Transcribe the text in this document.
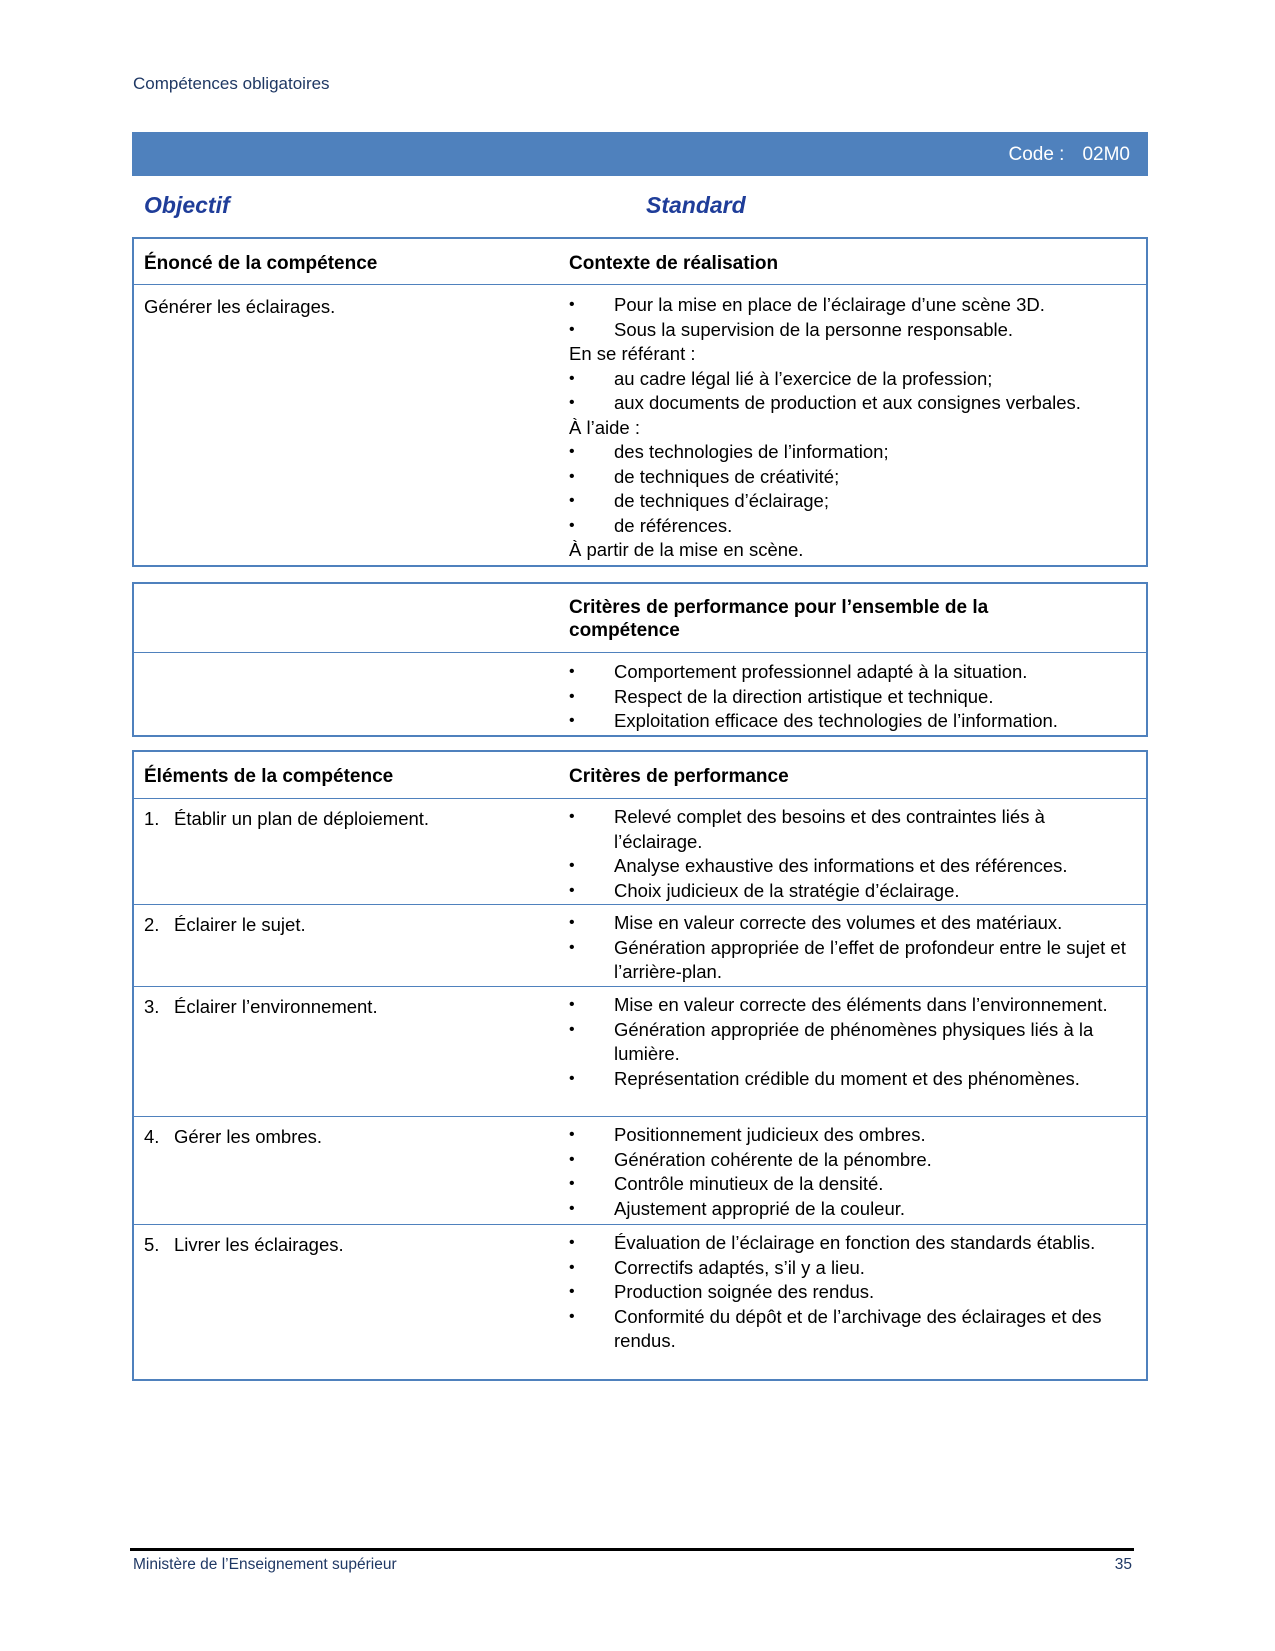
Compétences obligatoires
Code : 02M0
Objectif	Standard
Énoncé de la compétence	Contexte de réalisation
Générer les éclairages.	• Pour la mise en place de l’éclairage d’une scène 3D.
• Sous la supervision de la personne responsable.
En se référant :
• au cadre légal lié à l’exercice de la profession;
• aux documents de production et aux consignes verbales.
À l’aide :
• des technologies de l’information;
• de techniques de créativité;
• de techniques d’éclairage;
• de références.
À partir de la mise en scène.
Critères de performance pour l’ensemble de la compétence
• Comportement professionnel adapté à la situation.
• Respect de la direction artistique et technique.
• Exploitation efficace des technologies de l’information.
Éléments de la compétence	Critères de performance
1. Établir un plan de déploiement.	• Relevé complet des besoins et des contraintes liés à l’éclairage.
• Analyse exhaustive des informations et des références.
• Choix judicieux de la stratégie d’éclairage.
2. Éclairer le sujet.	• Mise en valeur correcte des volumes et des matériaux.
• Génération appropriée de l’effet de profondeur entre le sujet et l’arrière-plan.
3. Éclairer l’environnement.	• Mise en valeur correcte des éléments dans l’environnement.
• Génération appropriée de phénomènes physiques liés à la lumière.
• Représentation crédible du moment et des phénomènes.
4. Gérer les ombres.	• Positionnement judicieux des ombres.
• Génération cohérente de la pénombre.
• Contrôle minutieux de la densité.
• Ajustement approprié de la couleur.
5. Livrer les éclairages.	• Évaluation de l’éclairage en fonction des standards établis.
• Correctifs adaptés, s’il y a lieu.
• Production soignée des rendus.
• Conformité du dépôt et de l’archivage des éclairages et des rendus.
Ministère de l’Enseignement supérieur	35
